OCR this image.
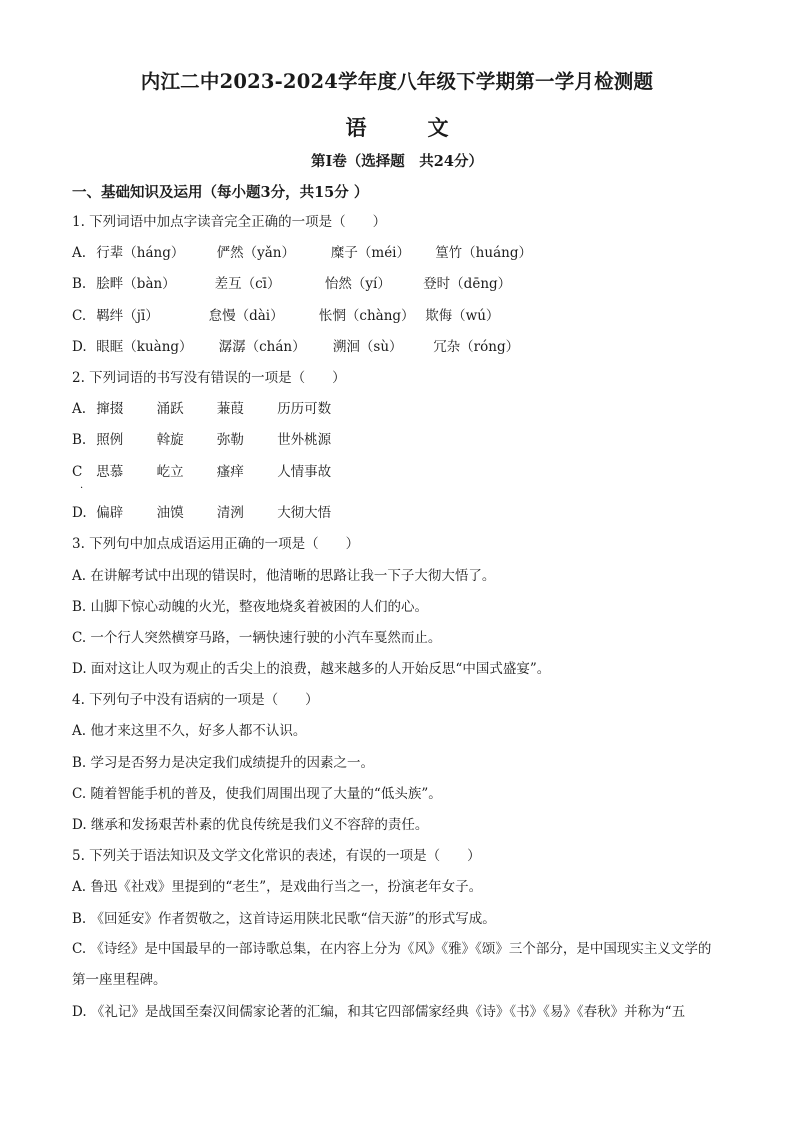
内江二中2023-2024学年度八年级下学期第一学月检测题
语　文
第Ⅰ卷（选择题　共24分）
一、基础知识及运用（每小题3分，共15分 ）
1. 下列词语中加点字读音完全正确的一项是（　　）
A. 行辈（háng） 俨然（yǎn）	糜子（méi） 篁竹（huáng）
B. 脍畔（bàn）	差互（cī）	怡然（yí） 登时（dēng）
C. 羁绊（jī）	怠慢（dài）	怅惘（chàng） 欺侮（wú）
D. 眼眶（kuàng） 潺潺（chán） 溯洄（sù） 冗杂（róng）
2. 下列词语的书写没有错误的一项是（　　）
A. 撺掇 涌跃 蒹葭 历历可数
B. 照例 斡旋 弥勒 世外桃源
C 思慕 屹立 瘙痒 人情事故
·
D. 偏辟 油馍 清洌 大彻大悟
3. 下列句中加点成语运用正确的一项是（　　）
A. 在讲解考试中出现的错误时，他清晰的思路让我一下子大彻大悟了。
B. 山脚下惊心动魄的火光，整夜地烧炙着被困的人们的心。
C. 一个行人突然横穿马路，一辆快速行驶的小汽车戛然而止。
D. 面对这让人叹为观止的舌尖上的浪费，越来越多的人开始反思“中国式盛宴”。
4. 下列句子中没有语病的一项是（　　）
A. 他才来这里不久，好多人都不认识。
B. 学习是否努力是决定我们成绩提升的因素之一。
C. 随着智能手机的普及，使我们周围出现了大量的“低头族”。
D. 继承和发扬艰苦朴素的优良传统是我们义不容辞的责任。
5. 下列关于语法知识及文学文化常识的表述，有误的一项是（　　）
A. 鲁迅《社戏》里提到的“老生”，是戏曲行当之一，扮演老年女子。
B. 《回延安》作者贺敬之，这首诗运用陕北民歌“信天游”的形式写成。
C. 《诗经》是中国最早的一部诗歌总集，在内容上分为《风》《雅》《颂》三个部分，是中国现实主义文学的第一座里程碑。
D. 《礼记》是战国至秦汉间儒家论著的汇编，和其它四部儒家经典《诗》《书》《易》《春秋》并称为“五
